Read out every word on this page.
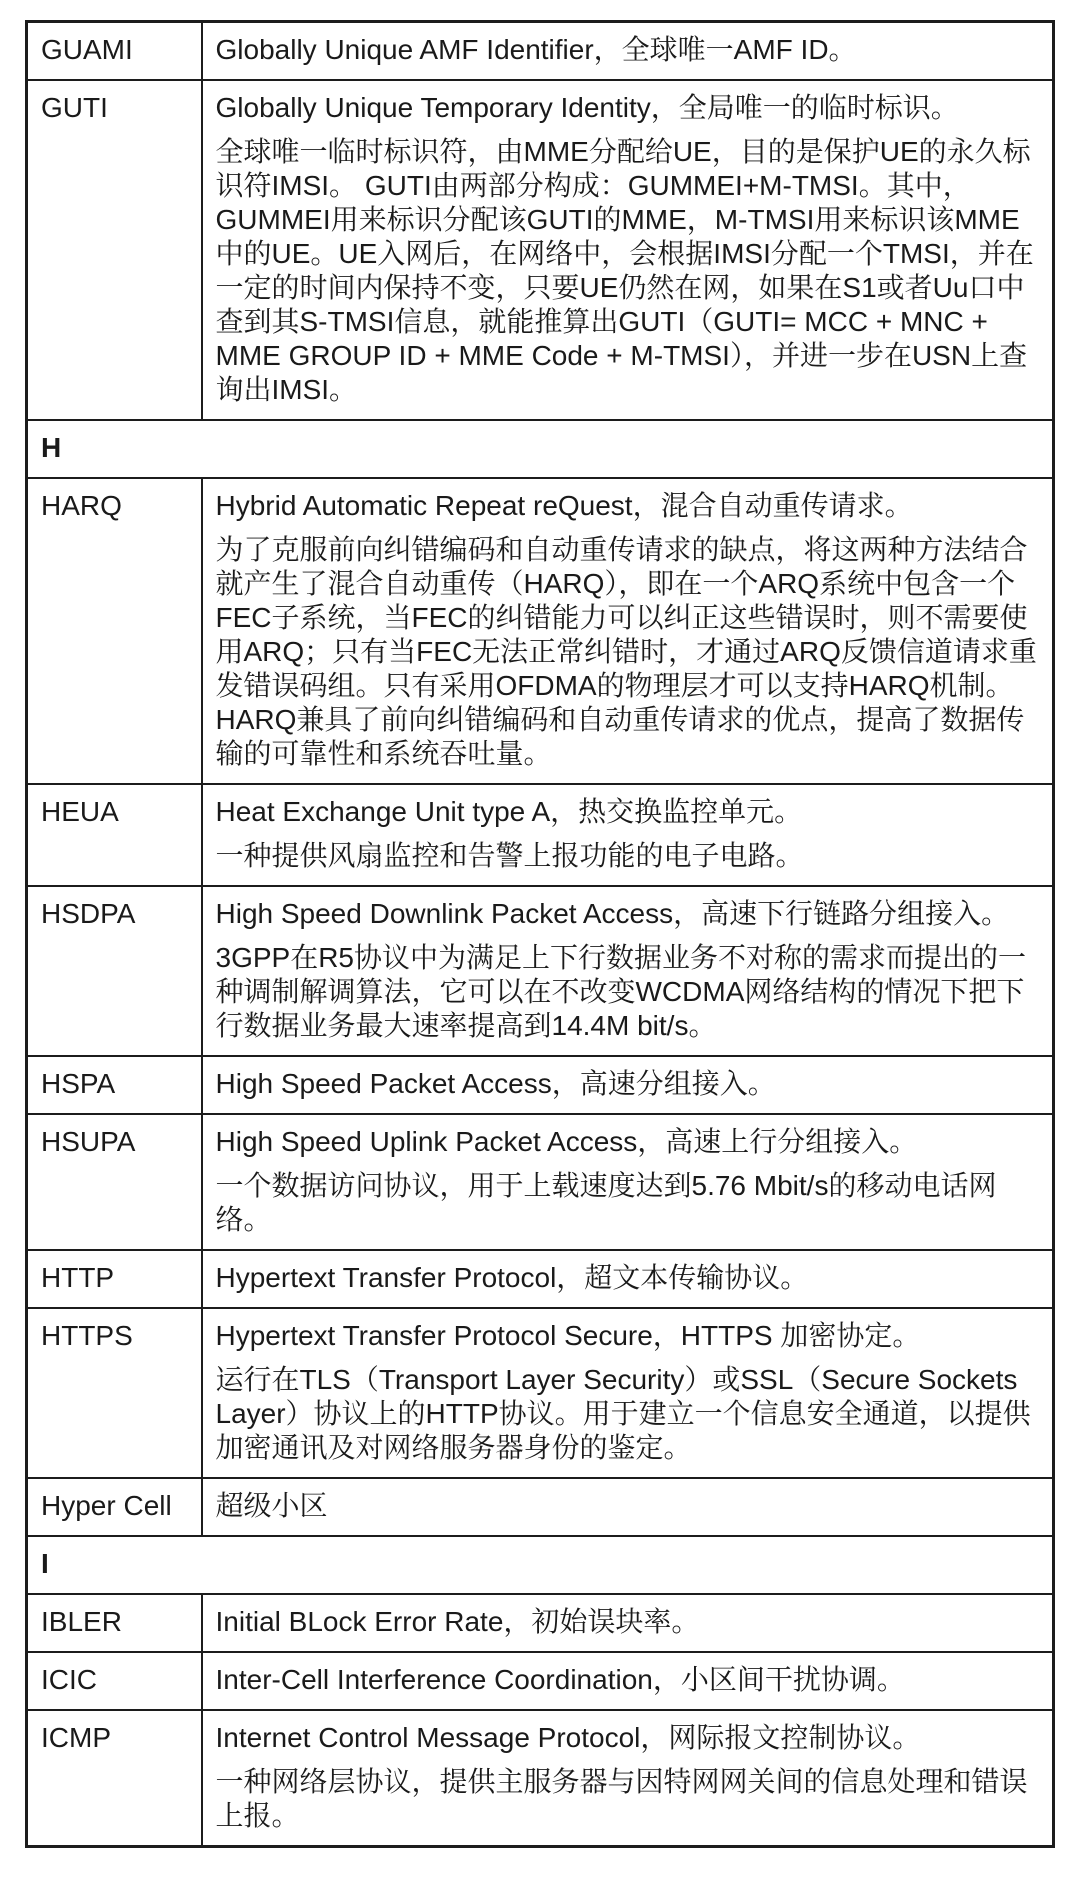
GUAMI	Globally Unique AMF Identifier，全球唯一AMF ID。

GUTI	Globally Unique Temporary Identity，全局唯一的临时标识。

全球唯一临时标识符，由MME分配给UE，目的是保护UE的永久标识符IMSI。 GUTI由两部分构成：GUMMEI+M-TMSI。其中，GUMMEI用来标识分配该GUTI的MME，M-TMSI用来标识该MME中的UE。UE入网后，在网络中，会根据IMSI分配一个TMSI，并在一定的时间内保持不变，只要UE仍然在网，如果在S1或者Uu口中查到其S-TMSI信息，就能推算出GUTI（GUTI= MCC + MNC + MME GROUP ID + MME Code + M-TMSI），并进一步在USN上查询出IMSI。

H	
HARQ	Hybrid Automatic Repeat reQuest，混合自动重传请求。

为了克服前向纠错编码和自动重传请求的缺点，将这两种方法结合就产生了混合自动重传（HARQ），即在一个ARQ系统中包含一个FEC子系统，当FEC的纠错能力可以纠正这些错误时，则不需要使用ARQ；只有当FEC无法正常纠错时，才通过ARQ反馈信道请求重发错误码组。只有采用OFDMA的物理层才可以支持HARQ机制。HARQ兼具了前向纠错编码和自动重传请求的优点，提高了数据传输的可靠性和系统吞吐量。

HEUA	Heat Exchange Unit type A，热交换监控单元。

一种提供风扇监控和告警上报功能的电子电路。

HSDPA	High Speed Downlink Packet Access，高速下行链路分组接入。

3GPP在R5协议中为满足上下行数据业务不对称的需求而提出的一种调制解调算法，它可以在不改变WCDMA网络结构的情况下把下行数据业务最大速率提高到14.4M bit/s。

HSPA	High Speed Packet Access，高速分组接入。

HSUPA	High Speed Uplink Packet Access，高速上行分组接入。

一个数据访问协议，用于上载速度达到5.76 Mbit/s的移动电话网络。

HTTP	Hypertext Transfer Protocol，超文本传输协议。

HTTPS	Hypertext Transfer Protocol Secure，HTTPS 加密协定。

运行在TLS（Transport Layer Security）或SSL（Secure Sockets Layer）协议上的HTTP协议。用于建立一个信息安全通道，以提供加密通讯及对网络服务器身份的鉴定。

Hyper Cell	超级小区

I	
IBLER	Initial BLock Error Rate，初始误块率。

ICIC	Inter-Cell Interference Coordination，小区间干扰协调。

ICMP	Internet Control Message Protocol，网际报文控制协议。

一种网络层协议，提供主服务器与因特网网关间的信息处理和错误上报。
